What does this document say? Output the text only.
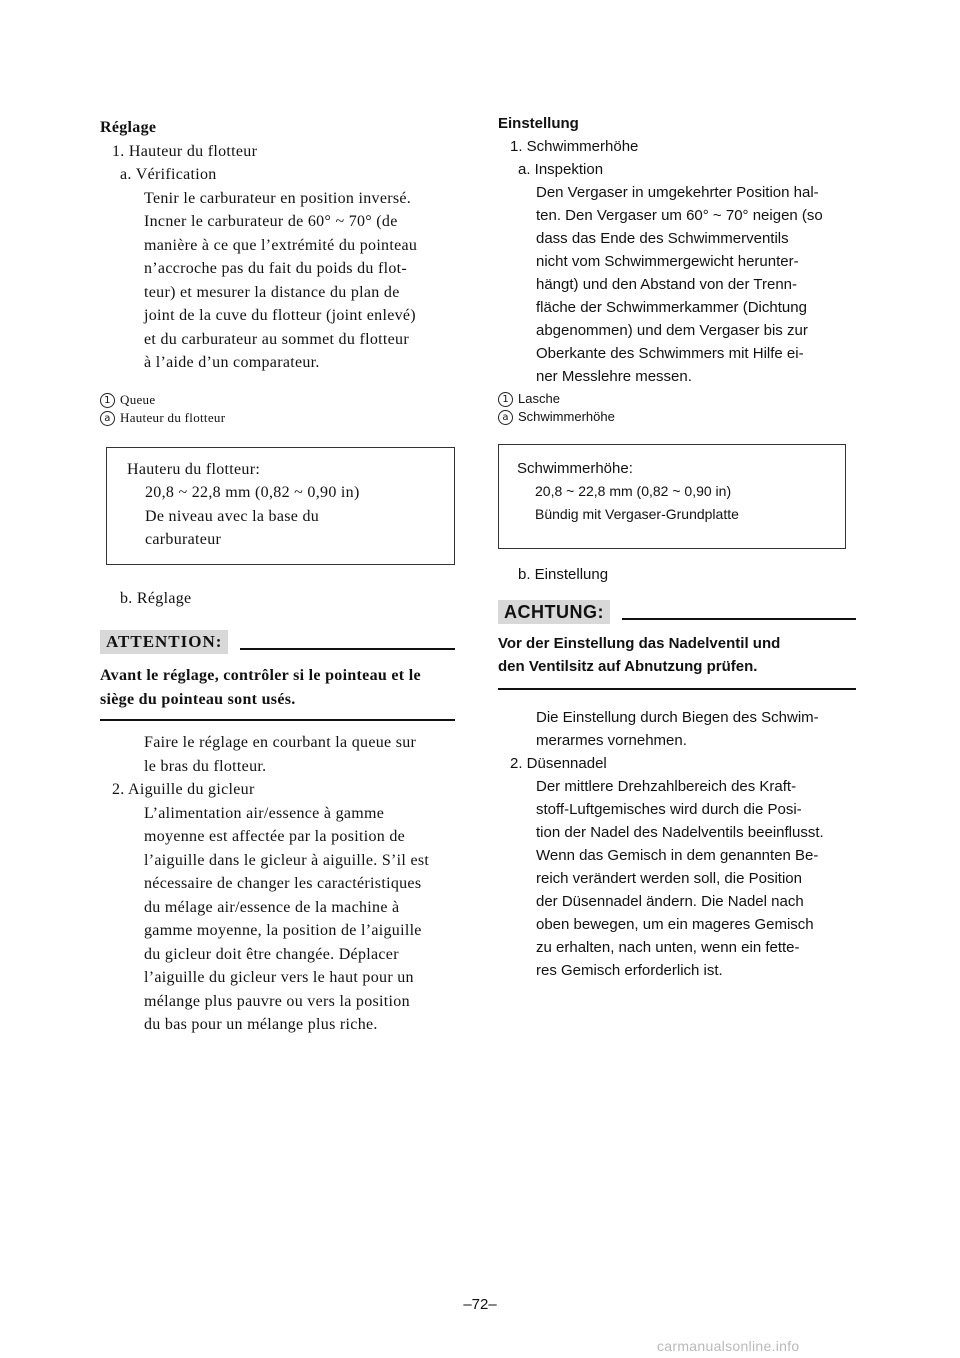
Réglage
1. Hauteur du flotteur
a. Vérification
Tenir le carburateur en position inversé.
Incner le carburateur de 60° ~ 70° (de
manière à ce que l’extrémité du pointeau
n’accroche pas du fait du poids du flot-
teur) et mesurer la distance du plan de
joint de la cuve du flotteur (joint enlevé)
et du carburateur au sommet du flotteur
à l’aide d’un comparateur.
1 Queue
a Hauteur du flotteur
Hauteru du flotteur:
20,8 ~ 22,8 mm (0,82 ~ 0,90 in)
De niveau avec la base du
carburateur
b. Réglage
ATTENTION:
Avant le réglage, contrôler si le pointeau et le
siège du pointeau sont usés.
Faire le réglage en courbant la queue sur
le bras du flotteur.
2. Aiguille du gicleur
L’alimentation air/essence à gamme
moyenne est affectée par la position de
l’aiguille dans le gicleur à aiguille. S’il est
nécessaire de changer les caractéristiques
du mélage air/essence de la machine à
gamme moyenne, la position de l’aiguille
du gicleur doit être changée. Déplacer
l’aiguille du gicleur vers le haut pour un
mélange plus pauvre ou vers la position
du bas pour un mélange plus riche.
Einstellung
1. Schwimmerhöhe
a. Inspektion
Den Vergaser in umgekehrter Position hal-
ten. Den Vergaser um 60° ~ 70° neigen (so
dass das Ende des Schwimmerventils
nicht vom Schwimmergewicht herunter-
hängt) und den Abstand von der Trenn-
fläche der Schwimmerkammer (Dichtung
abgenommen) und dem Vergaser bis zur
Oberkante des Schwimmers mit Hilfe ei-
ner Messlehre messen.
1 Lasche
a Schwimmerhöhe
Schwimmerhöhe:
20,8 ~ 22,8 mm (0,82 ~ 0,90 in)
Bündig mit Vergaser-Grundplatte
b. Einstellung
ACHTUNG:
Vor der Einstellung das Nadelventil und
den Ventilsitz auf Abnutzung prüfen.
Die Einstellung durch Biegen des Schwim-
merarmes vornehmen.
2. Düsennadel
Der mittlere Drehzahlbereich des Kraft-
stoff-Luftgemisches wird durch die Posi-
tion der Nadel des Nadelventils beeinflusst.
Wenn das Gemisch in dem genannten Be-
reich verändert werden soll, die Position
der Düsennadel ändern. Die Nadel nach
oben bewegen, um ein mageres Gemisch
zu erhalten, nach unten, wenn ein fette-
res Gemisch erforderlich ist.
–72–
carmanualsonline.info
